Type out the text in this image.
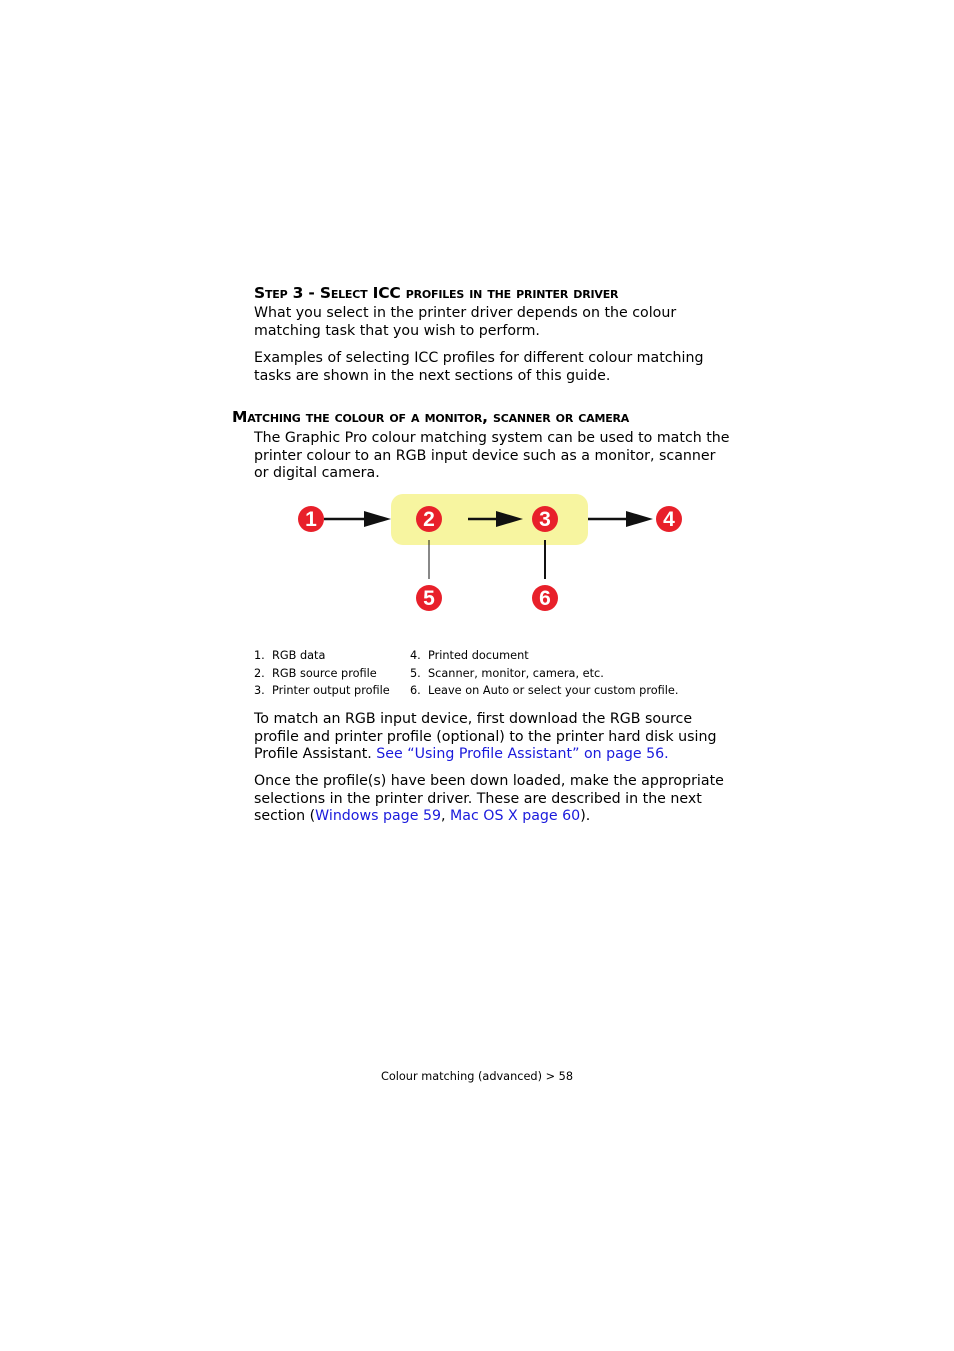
Step 3 - Select ICC profiles in the printer driver
What you select in the printer driver depends on the colour matching task that you wish to perform.
Examples of selecting ICC profiles for different colour matching tasks are shown in the next sections of this guide.
Matching the colour of a monitor, scanner or camera
The Graphic Pro colour matching system can be used to match the printer colour to an RGB input device such as a monitor, scanner or digital camera.
1	2	3	4
5	6
1. RGB data
2. RGB source profile
3. Printer output profile
4. Printed document
5. Scanner, monitor, camera, etc.
6. Leave on Auto or select your custom profile.
To match an RGB input device, first download the RGB source profile and printer profile (optional) to the printer hard disk using Profile Assistant. See “Using Profile Assistant” on page 56.
Once the profile(s) have been down loaded, make the appropriate selections in the printer driver. These are described in the next section (Windows page 59, Mac OS X page 60).
Colour matching (advanced) > 58
